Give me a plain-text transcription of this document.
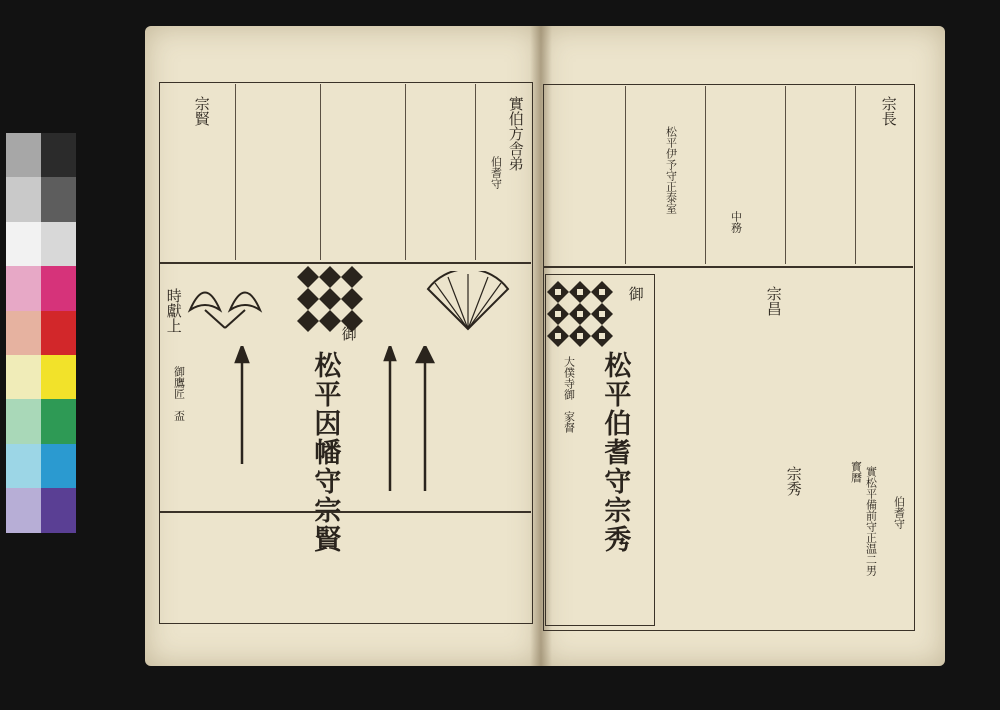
松平伯耆守宗秀
御
大僕寺御　家督
宗長
宗昌
宗秀	寳曆 實松平備前守正温二男 伯耆守
中務
松平伊予守正泰室
松平因幡守宗賢
御
時獻上
御鷹匠　盃
伯耆守
實伯方舎弟
宗賢
